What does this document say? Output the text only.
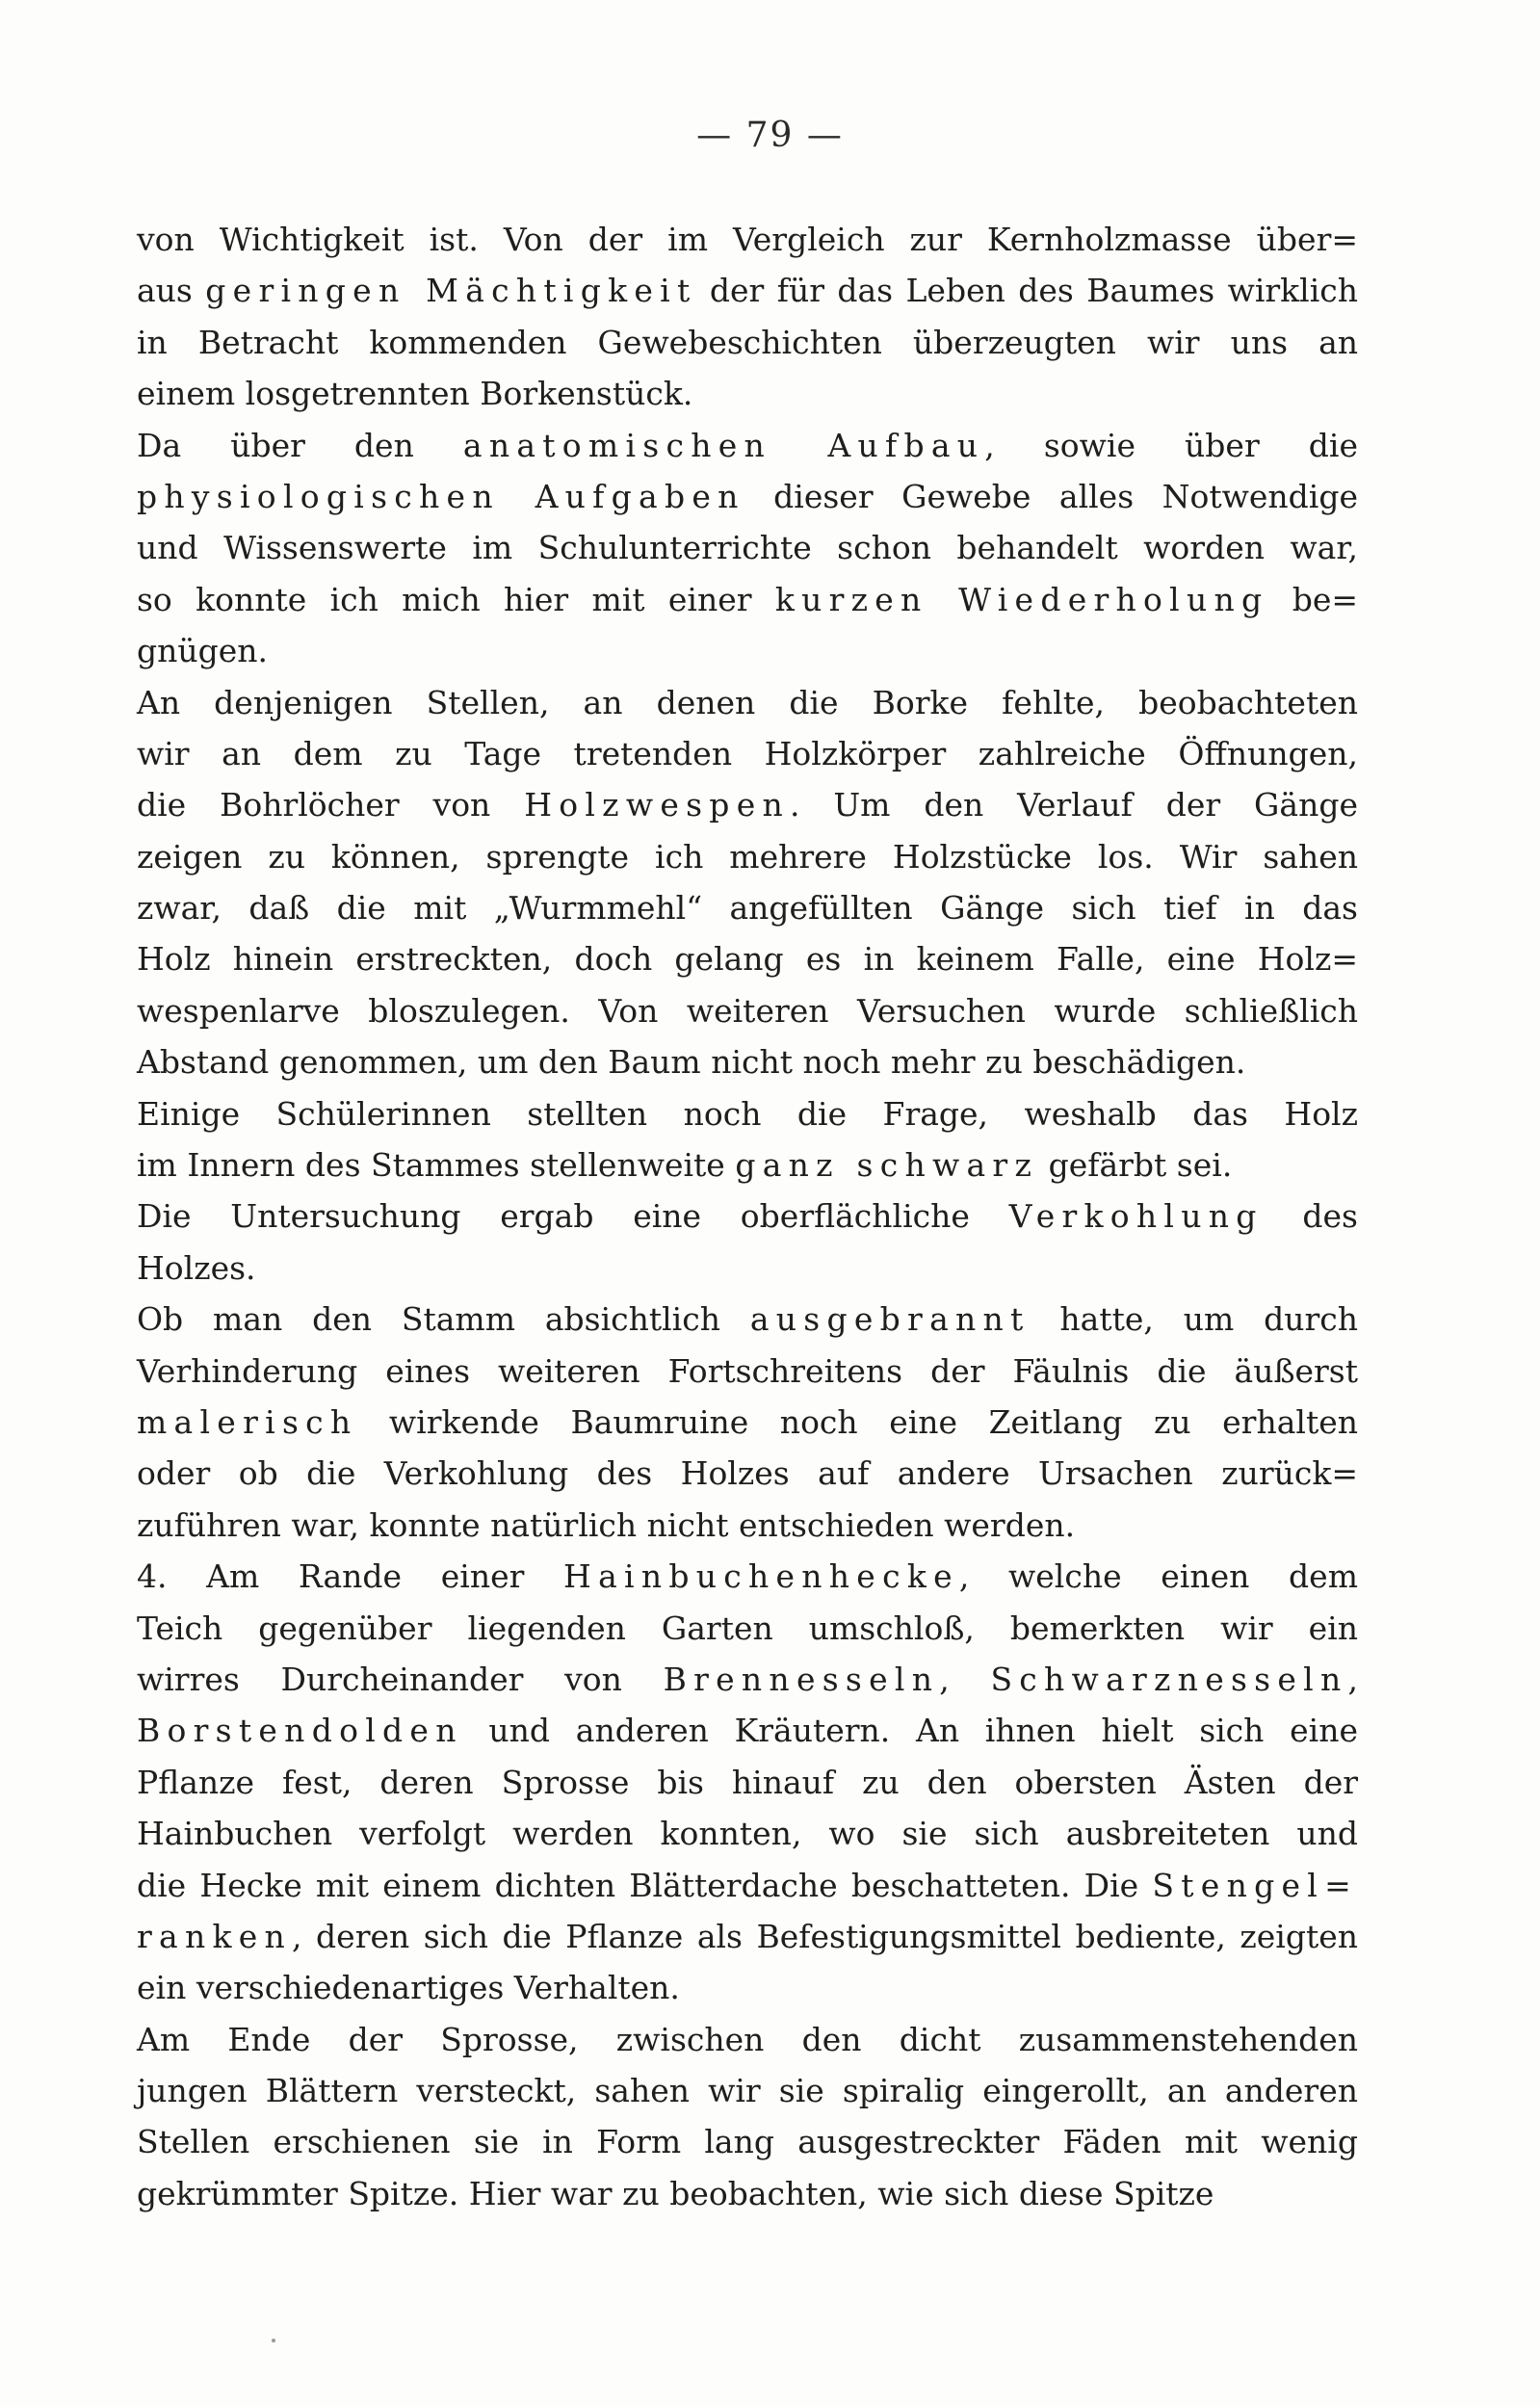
— 79 —
von Wichtigkeit ist. Von der im Vergleich zur Kernholzmasse über=
aus geringen Mächtigkeit der für das Leben des Baumes wirklich
in Betracht kommenden Gewebeschichten überzeugten wir uns an
einem losgetrennten Borkenstück.
Da über den anatomischen Aufbau, sowie über die
physiologischen Aufgaben dieser Gewebe alles Notwendige
und Wissenswerte im Schulunterrichte schon behandelt worden war,
so konnte ich mich hier mit einer kurzen Wiederholung be=
gnügen.
An denjenigen Stellen, an denen die Borke fehlte, beobachteten
wir an dem zu Tage tretenden Holzkörper zahlreiche Öffnungen,
die Bohrlöcher von Holzwespen. Um den Verlauf der Gänge
zeigen zu können, sprengte ich mehrere Holzstücke los. Wir sahen
zwar, daß die mit „Wurmmehl“ angefüllten Gänge sich tief in das
Holz hinein erstreckten, doch gelang es in keinem Falle, eine Holz=
wespenlarve bloszulegen. Von weiteren Versuchen wurde schließlich
Abstand genommen, um den Baum nicht noch mehr zu beschädigen.
Einige Schülerinnen stellten noch die Frage, weshalb das Holz
im Innern des Stammes stellenweite ganz schwarz gefärbt sei.
Die Untersuchung ergab eine oberflächliche Verkohlung des
Holzes.
Ob man den Stamm absichtlich ausgebrannt hatte, um durch
Verhinderung eines weiteren Fortschreitens der Fäulnis die äußerst
malerisch wirkende Baumruine noch eine Zeitlang zu erhalten
oder ob die Verkohlung des Holzes auf andere Ursachen zurück=
zuführen war, konnte natürlich nicht entschieden werden.
4. Am Rande einer Hainbuchenhecke, welche einen dem
Teich gegenüber liegenden Garten umschloß, bemerkten wir ein
wirres Durcheinander von Brennesseln, Schwarznesseln,
Borstendolden und anderen Kräutern. An ihnen hielt sich eine
Pflanze fest, deren Sprosse bis hinauf zu den obersten Ästen der
Hainbuchen verfolgt werden konnten, wo sie sich ausbreiteten und
die Hecke mit einem dichten Blätterdache beschatteten. Die Stengel=
ranken, deren sich die Pflanze als Befestigungsmittel bediente, zeigten
ein verschiedenartiges Verhalten.
Am Ende der Sprosse, zwischen den dicht zusammenstehenden
jungen Blättern versteckt, sahen wir sie spiralig eingerollt, an anderen
Stellen erschienen sie in Form lang ausgestreckter Fäden mit wenig
gekrümmter Spitze. Hier war zu beobachten, wie sich diese Spitze
